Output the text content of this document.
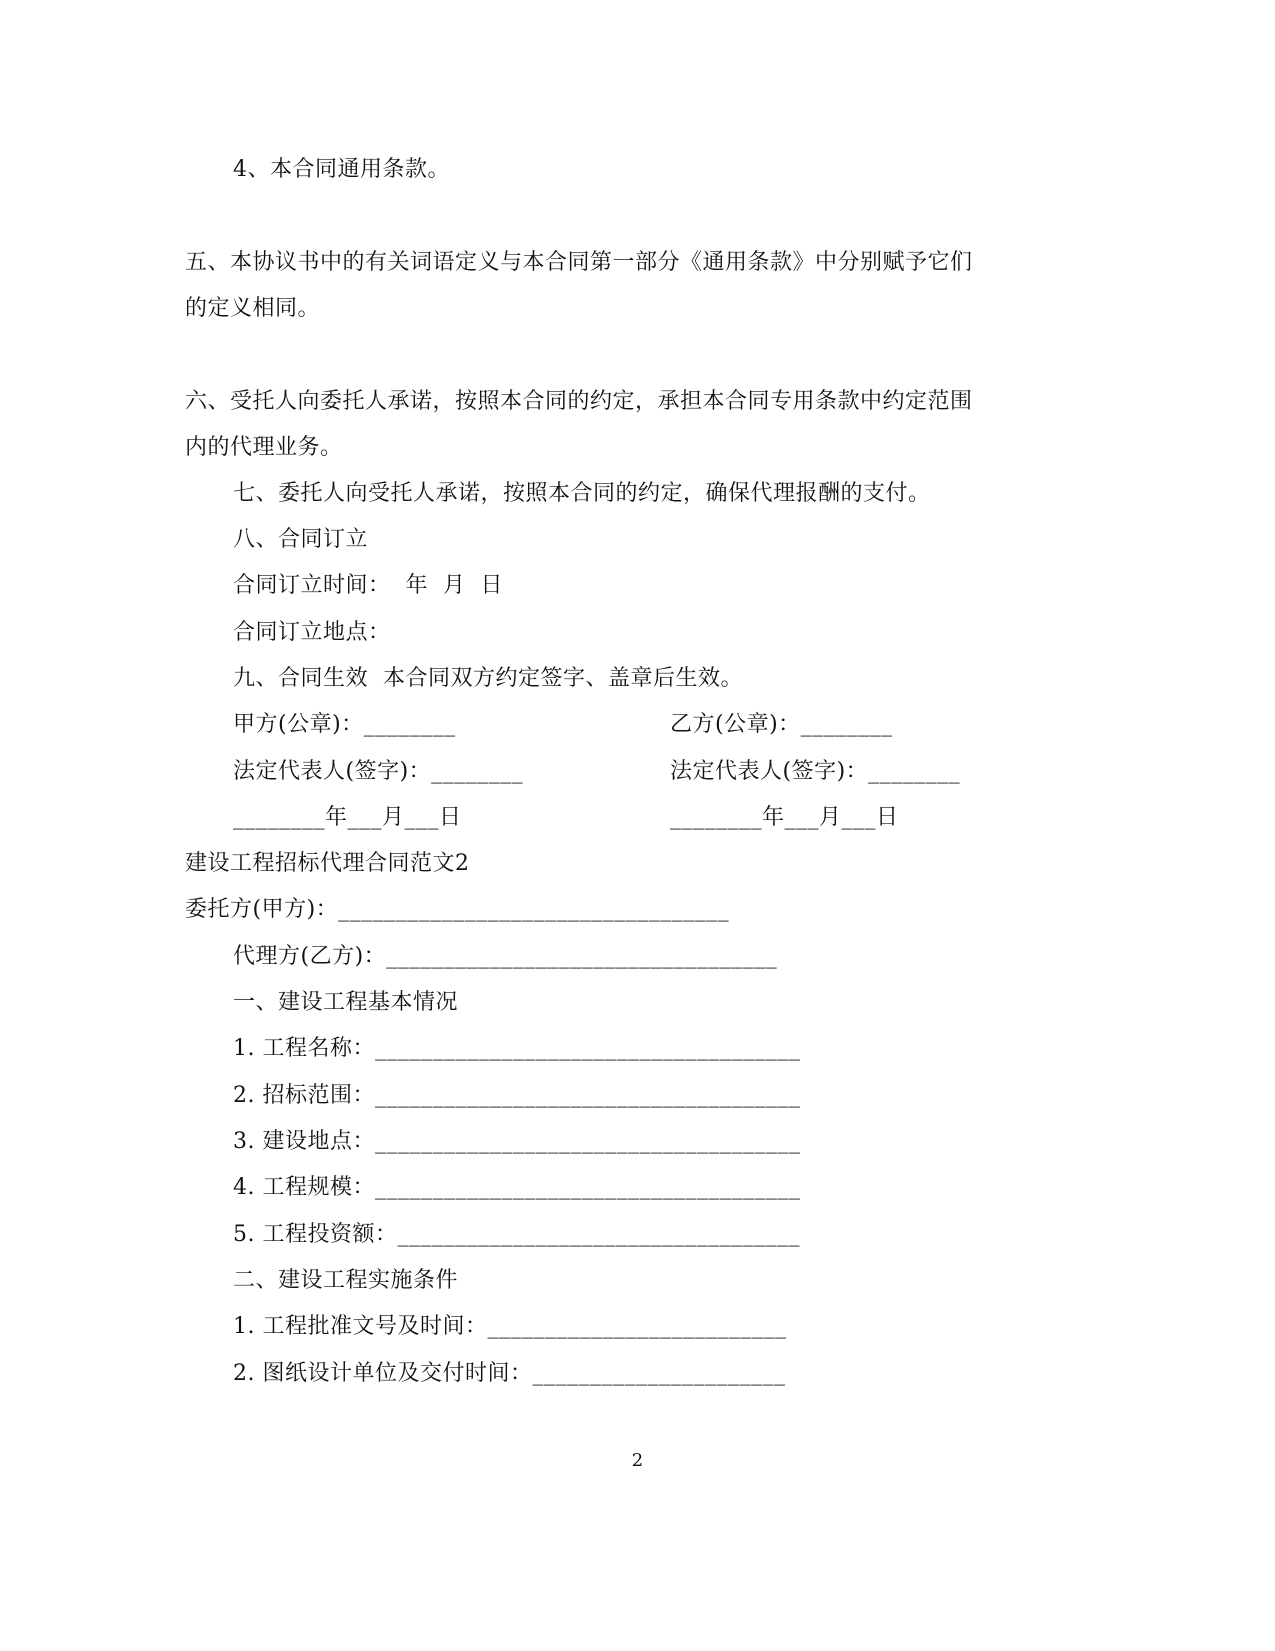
4、本合同通用条款。
五、本协议书中的有关词语定义与本合同第一部分《通用条款》中分别赋予它们
的定义相同。
六、受托人向委托人承诺，按照本合同的约定，承担本合同专用条款中约定范围
内的代理业务。
七、委托人向受托人承诺，按照本合同的约定，确保代理报酬的支付。
八、合同订立
合同订立时间：  年  月  日
合同订立地点：
九、合同生效  本合同双方约定签字、盖章后生效。
甲方(公章)：________	乙方(公章)：________
法定代表人(签字)：________	法定代表人(签字)：________
________年___月___日	________年___月___日
建设工程招标代理合同范文2
委托方(甲方)：__________________________________
代理方(乙方)：__________________________________
一、建设工程基本情况
1. 工程名称：_____________________________________
2. 招标范围：_____________________________________
3. 建设地点：_____________________________________
4. 工程规模：_____________________________________
5. 工程投资额：___________________________________
二、建设工程实施条件
1. 工程批准文号及时间：__________________________
2. 图纸设计单位及交付时间：______________________
2
